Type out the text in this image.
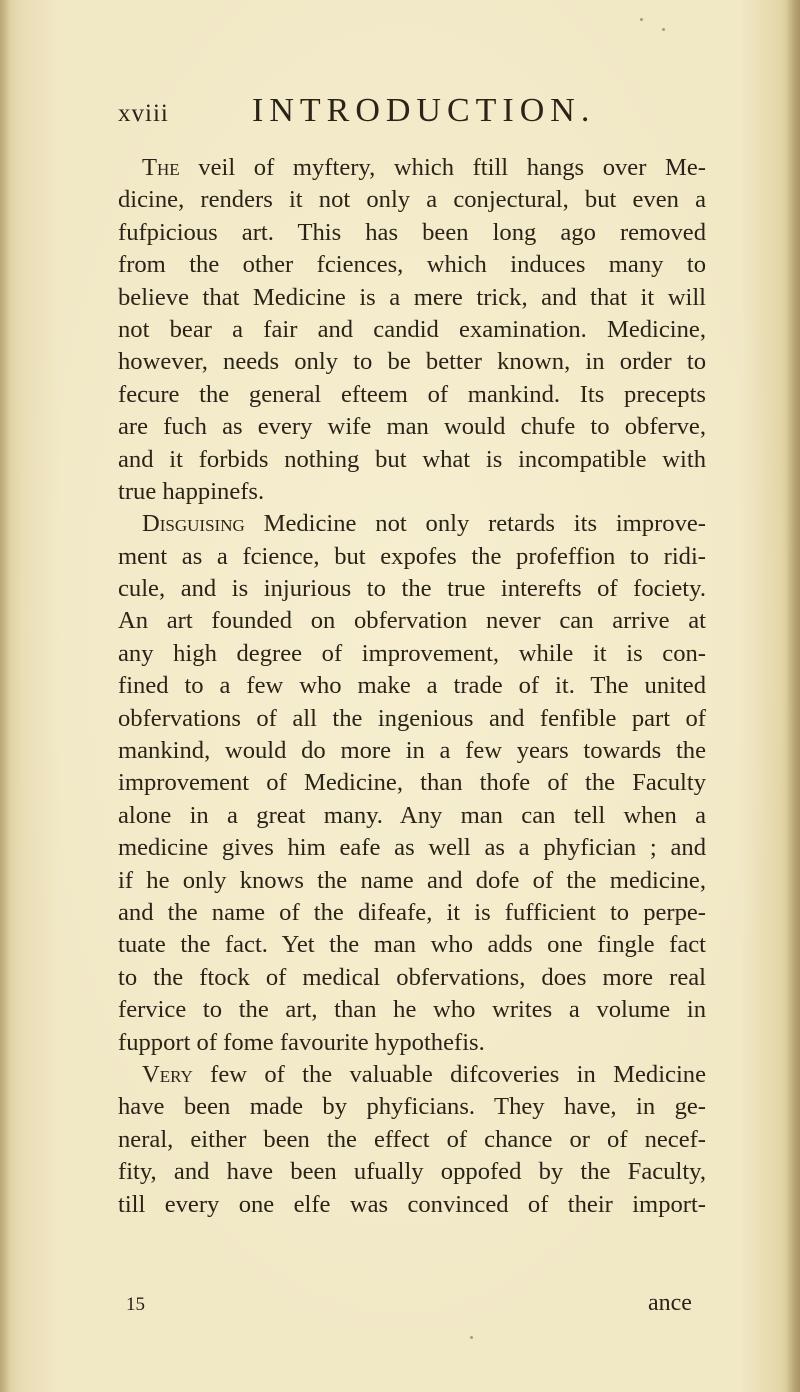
xviii INTRODUCTION.
The veil of myftery, which ftill hangs over Me-
dicine, renders it not only a conjectural, but even a
fufpicious art. This has been long ago removed
from the other fciences, which induces many to
believe that Medicine is a mere trick, and that it will
not bear a fair and candid examination. Medicine,
however, needs only to be better known, in order to
fecure the general efteem of mankind. Its precepts
are fuch as every wife man would chufe to obferve,
and it forbids nothing but what is incompatible with
true happinefs.
Disguising Medicine not only retards its improve-
ment as a fcience, but expofes the profeffion to ridi-
cule, and is injurious to the true interefts of fociety.
An art founded on obfervation never can arrive at
any high degree of improvement, while it is con-
fined to a few who make a trade of it. The united
obfervations of all the ingenious and fenfible part of
mankind, would do more in a few years towards the
improvement of Medicine, than thofe of the Faculty
alone in a great many. Any man can tell when a
medicine gives him eafe as well as a phyfician ; and
if he only knows the name and dofe of the medicine,
and the name of the difeafe, it is fufficient to perpe-
tuate the fact. Yet the man who adds one fingle fact
to the ftock of medical obfervations, does more real
fervice to the art, than he who writes a volume in
fupport of fome favourite hypothefis.
Very few of the valuable difcoveries in Medicine
have been made by phyficians. They have, in ge-
neral, either been the effect of chance or of necef-
fity, and have been ufually oppofed by the Faculty,
till every one elfe was convinced of their import-
15	ance
